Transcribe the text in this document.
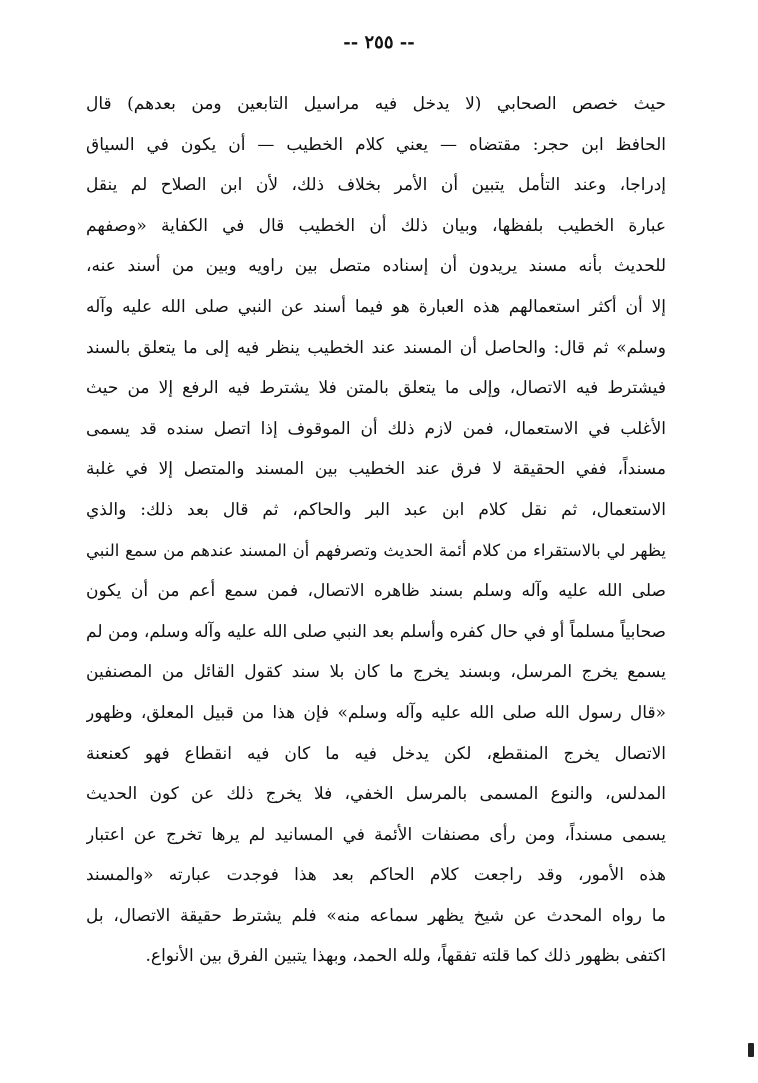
-- ٢٥٥ --
حيث خصص الصحابي (لا يدخل فيه مراسيل التابعين ومن بعدهم) قال
الحافظ ابن حجر: مقتضاه — يعني كلام الخطيب — أن يكون في السياق
إدراجا، وعند التأمل يتبين أن الأمر بخلاف ذلك، لأن ابن الصلاح لم ينقل
عبارة الخطيب بلفظها، وبيان ذلك أن الخطيب قال في الكفاية «وصفهم
للحديث بأنه مسند يريدون أن إسناده متصل بين راويه وبين من أسند عنه،
إلا أن أكثر استعمالهم هذه العبارة هو فيما أسند عن النبي صلى الله عليه وآله
وسلم» ثم قال: والحاصل أن المسند عند الخطيب ينظر فيه إلى ما يتعلق بالسند
فيشترط فيه الاتصال، وإلى ما يتعلق بالمتن فلا يشترط فيه الرفع إلا من حيث
الأغلب في الاستعمال، فمن لازم ذلك أن الموقوف إذا اتصل سنده قد يسمى
مسنداً، ففي الحقيقة لا فرق عند الخطيب بين المسند والمتصل إلا في غلبة
الاستعمال، ثم نقل كلام ابن عبد البر والحاكم، ثم قال بعد ذلك: والذي
يظهر لي بالاستقراء من كلام أئمة الحديث وتصرفهم أن المسند عندهم من سمع النبي
صلى الله عليه وآله وسلم بسند ظاهره الاتصال، فمن سمع أعم من أن يكون
صحابياً مسلماً أو في حال كفره وأسلم بعد النبي صلى الله عليه وآله وسلم، ومن لم
يسمع يخرج المرسل، وبسند يخرج ما كان بلا سند كقول القائل من المصنفين
«قال رسول الله صلى الله عليه وآله وسلم» فإن هذا من قبيل المعلق، وظهور
الاتصال يخرج المنقطع، لكن يدخل فيه ما كان فيه انقطاع فهو كعنعنة
المدلس، والنوع المسمى بالمرسل الخفي، فلا يخرج ذلك عن كون الحديث
يسمى مسنداً، ومن رأى مصنفات الأئمة في المسانيد لم يرها تخرج عن اعتبار
هذه الأمور، وقد راجعت كلام الحاكم بعد هذا فوجدت عبارته «والمسند
ما رواه المحدث عن شيخ يظهر سماعه منه» فلم يشترط حقيقة الاتصال، بل
اكتفى بظهور ذلك كما قلته تفقهاً، ولله الحمد، وبهذا يتبين الفرق بين الأنواع.
